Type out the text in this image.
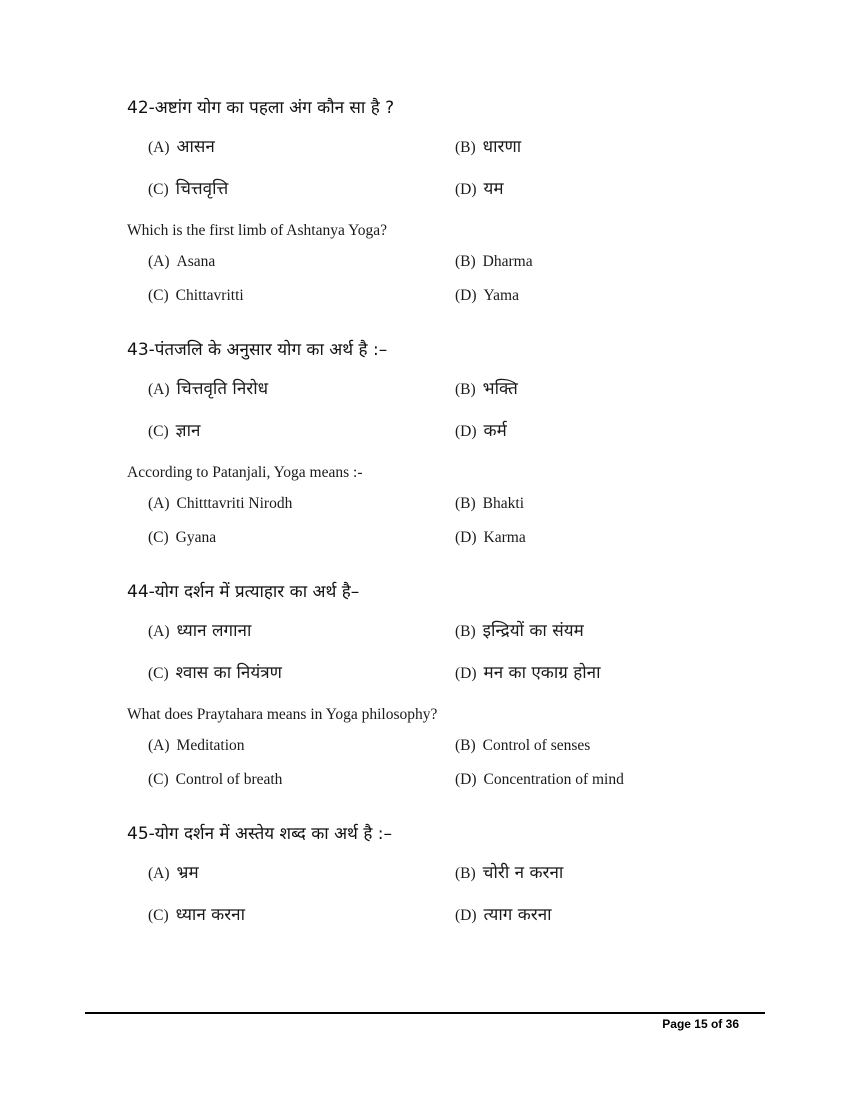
42-अष्टांग योग का पहला अंग कौन सा है ?
(A) आसन	(B) धारणा
(C) चित्तवृत्ति	(D) यम
Which is the first limb of Ashtanya Yoga?
(A) Asana	(B) Dharma
(C) Chittavritti	(D) Yama
43-पंतजलि के अनुसार योग का अर्थ है :–
(A) चित्तवृति निरोध	(B) भक्ति
(C) ज्ञान	(D) कर्म
According to Patanjali, Yoga means :-
(A) Chitttavriti Nirodh	(B) Bhakti
(C) Gyana	(D) Karma
44-योग दर्शन में प्रत्याहार का अर्थ है–
(A) ध्यान लगाना	(B) इन्द्रियों का संयम
(C) श्वास का नियंत्रण	(D) मन का एकाग्र होना
What does Praytahara means in Yoga philosophy?
(A) Meditation	(B) Control of senses
(C) Control of breath	(D) Concentration of mind
45-योग दर्शन में अस्तेय शब्द का अर्थ है :–
(A) भ्रम	(B) चोरी न करना
(C) ध्यान करना	(D) त्याग करना
Page 15 of 36
